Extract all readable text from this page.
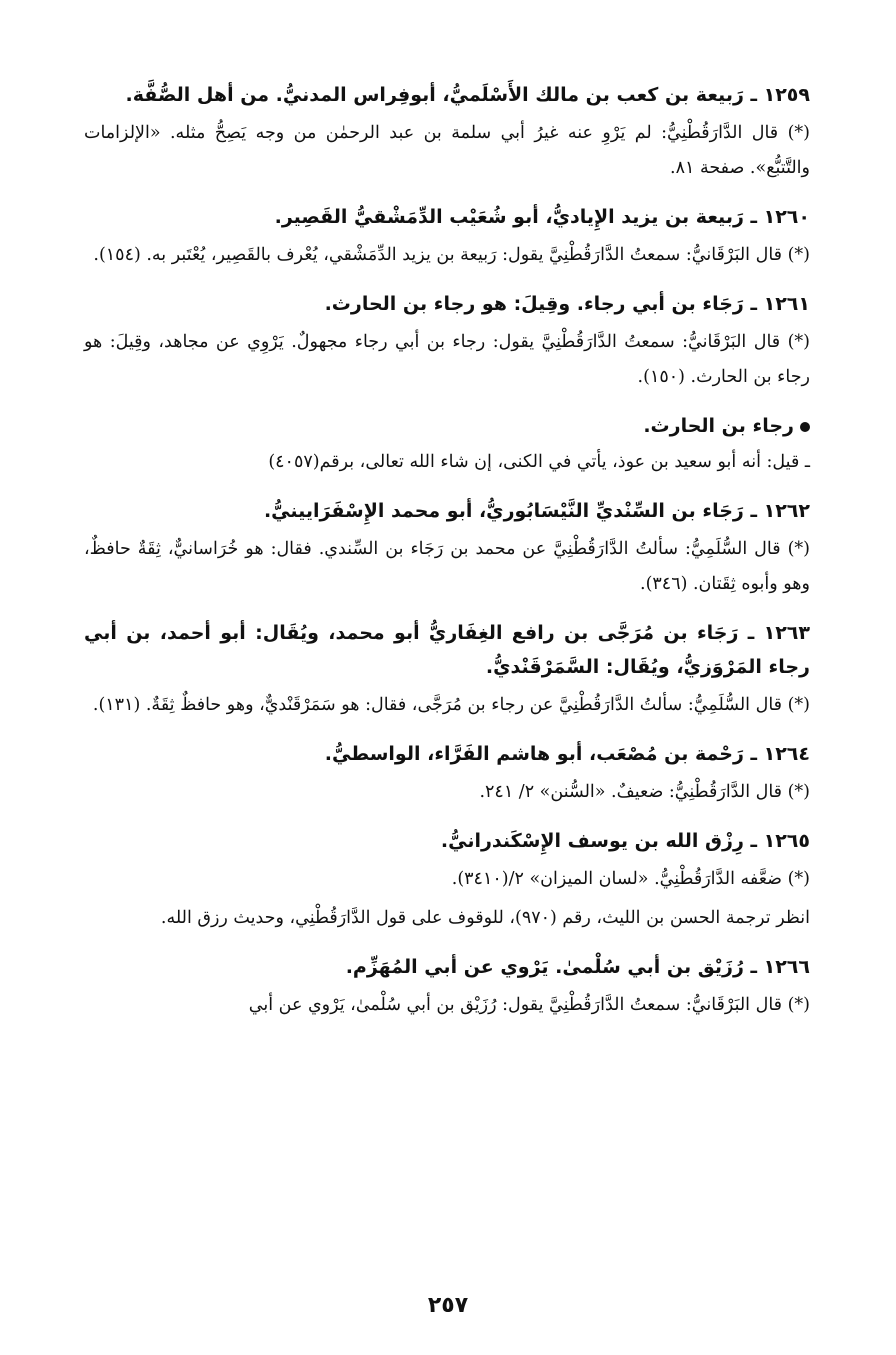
١٢٥٩ ـ رَبيعة بن كعب بن مالك الأَسْلَميُّ، أبوفِراس المدنيُّ. من أهل الصُّفَّة.

(*) قال الدَّارَقُطْنِيُّ: لم يَرْوِ عنه غيرُ أبي سلمة بن عبد الرحمٰن من وجه يَصِحُّ مثله. «الإلزامات والتَّتبُّع». صفحة ٨١.

١٢٦٠ ـ رَبيعة بن يزيد الإِياديُّ، أبو شُعَيْب الدِّمَشْقيُّ القَصِير.

(*) قال البَرْقَانيُّ: سمعتُ الدَّارَقُطْنِيَّ يقول: رَبيعة بن يزيد الدِّمَشْقي، يُعْرف بالقَصِير، يُعْتَبر به. (١٥٤).

١٢٦١ ـ رَجَاء بن أبي رجاء. وقِيلَ: هو رجاء بن الحارث.

(*) قال البَرْقَانيُّ: سمعتُ الدَّارَقُطْنِيَّ يقول: رجاء بن أبي رجاء مجهولٌ. يَرْوِي عن مجاهد، وقِيلَ: هو رجاء بن الحارث. (١٥٠).

رجاء بن الحارث.

ـ قيل: أنه أبو سعيد بن عوذ، يأتي في الكنى، إن شاء الله تعالى، برقم(٤٠٥٧)

١٢٦٢ ـ رَجَاء بن السِّنْديِّ النَّيْسَابُوريُّ، أبو محمد الإِسْفَرَايينيُّ.

(*) قال السُّلَمِيُّ: سألتُ الدَّارَقُطْنِيَّ عن محمد بن رَجَاء بن السِّندي. فقال: هو خُرَاسانيٌّ، ثِقَةٌ حافظٌ، وهو وأبوه ثِقَتان. (٣٤٦).

١٢٦٣ ـ رَجَاء بن مُرَجَّى بن رافع الغِفَاريُّ أبو محمد، ويُقَال: أبو أحمد، بن أبي رجاء المَرْوَزيُّ، ويُقَال: السَّمَرْقَنْديُّ.

(*) قال السُّلَمِيُّ: سألتُ الدَّارَقُطْنِيَّ عن رجاء بن مُرَجَّى، فقال: هو سَمَرْقَنْديٌّ، وهو حافظٌ ثِقَةٌ. (١٣١).

١٢٦٤ ـ رَحْمة بن مُصْعَب، أبو هاشم الفَرَّاء، الواسطيُّ.

(*) قال الدَّارَقُطْنِيُّ: ضعيفٌ. «السُّنن» ٢/ ٢٤١.

١٢٦٥ ـ رِزْق الله بن يوسف الإِسْكَندرانيُّ.

(*) ضعَّفه الدَّارَقُطْنِيُّ. «لسان الميزان» ٢/(٣٤١٠).

انظر ترجمة الحسن بن الليث، رقم (٩٧٠)، للوقوف على قول الدَّارَقُطْنِي، وحديث رزق الله.

١٢٦٦ ـ رُزَيْق بن أبي سُلْمىٰ. يَرْوي عن أبي المُهَزِّم.

(*) قال البَرْقَانيُّ: سمعتُ الدَّارَقُطْنِيَّ يقول: رُزَيْق بن أبي سُلْمىٰ، يَرْوي عن أبي

٢٥٧
